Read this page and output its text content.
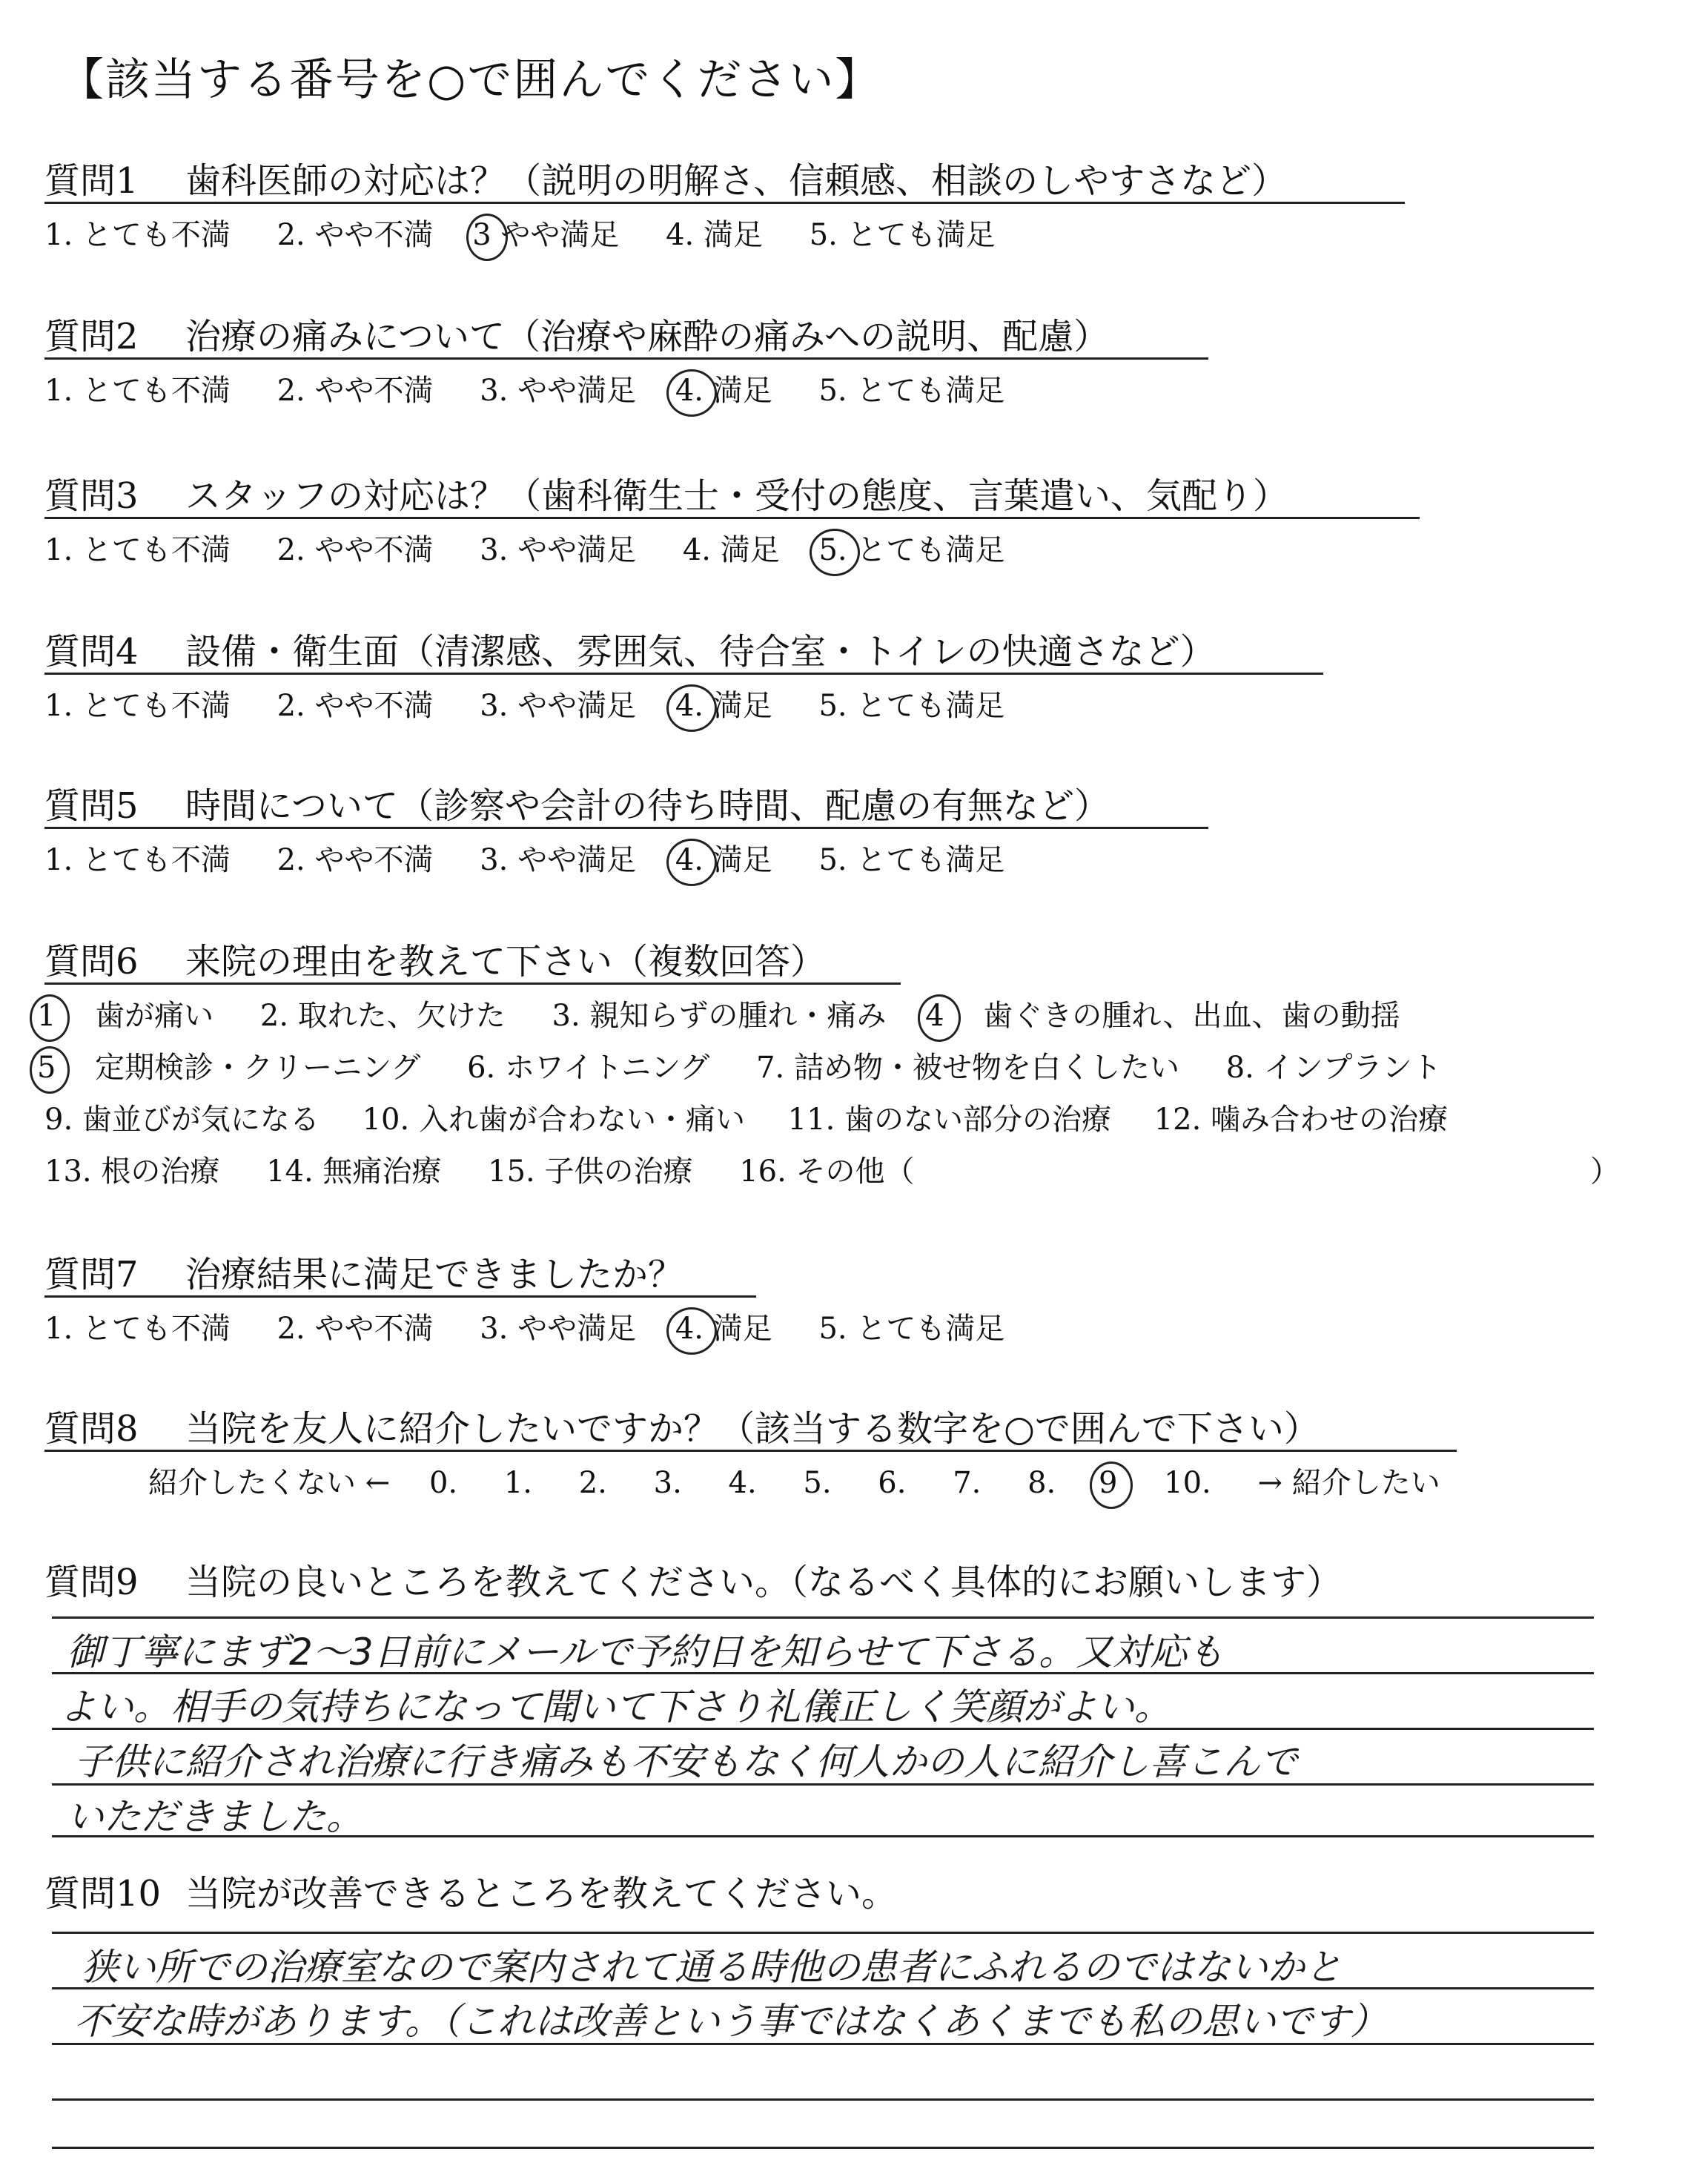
【該当する番号を○で囲んでください】
質問1 歯科医師の対応は？（説明の明解さ、信頼感、相談のしやすさなど）
1. とても不満 2. やや不満 3 やや満足 4. 満足 5. とても満足
質問2 治療の痛みについて（治療や麻酔の痛みへの説明、配慮）
1. とても不満 2. やや不満 3. やや満足 4. 満足 5. とても満足
質問3 スタッフの対応は？（歯科衛生士・受付の態度、言葉遣い、気配り）
1. とても不満 2. やや不満 3. やや満足 4. 満足 5. とても満足
質問4 設備・衛生面（清潔感、雰囲気、待合室・トイレの快適さなど）
1. とても不満 2. やや不満 3. やや満足 4. 満足 5. とても満足
質問5 時間について（診察や会計の待ち時間、配慮の有無など）
1. とても不満 2. やや不満 3. やや満足 4. 満足 5. とても満足
質問6 来院の理由を教えて下さい（複数回答）
1 歯が痛い 2. 取れた、欠けた 3. 親知らずの腫れ・痛み 4 歯ぐきの腫れ、出血、歯の動揺
5 定期検診・クリーニング 6. ホワイトニング 7. 詰め物・被せ物を白くしたい 8. インプラント
9. 歯並びが気になる 10. 入れ歯が合わない・痛い 11. 歯のない部分の治療 12. 噛み合わせの治療
13. 根の治療 14. 無痛治療 15. 子供の治療 16. その他（	）
質問7 治療結果に満足できましたか？
1. とても不満 2. やや不満 3. やや満足 4. 満足 5. とても満足
質問8 当院を友人に紹介したいですか？（該当する数字を○で囲んで下さい）
紹介したくない ← 0. 1. 2. 3. 4. 5. 6. 7. 8. 9 10. → 紹介したい
質問9 当院の良いところを教えてください。（なるべく具体的にお願いします）
御丁寧にまず2〜3日前にメールで予約日を知らせて下さる。又対応も
よい。相手の気持ちになって聞いて下さり礼儀正しく笑顔がよい。
子供に紹介され治療に行き痛みも不安もなく何人かの人に紹介し喜こんで
いただきました。
質問10 当院が改善できるところを教えてください。
狭い所での治療室なので案内されて通る時他の患者にふれるのではないかと
不安な時があります。（これは改善という事ではなくあくまでも私の思いです）
